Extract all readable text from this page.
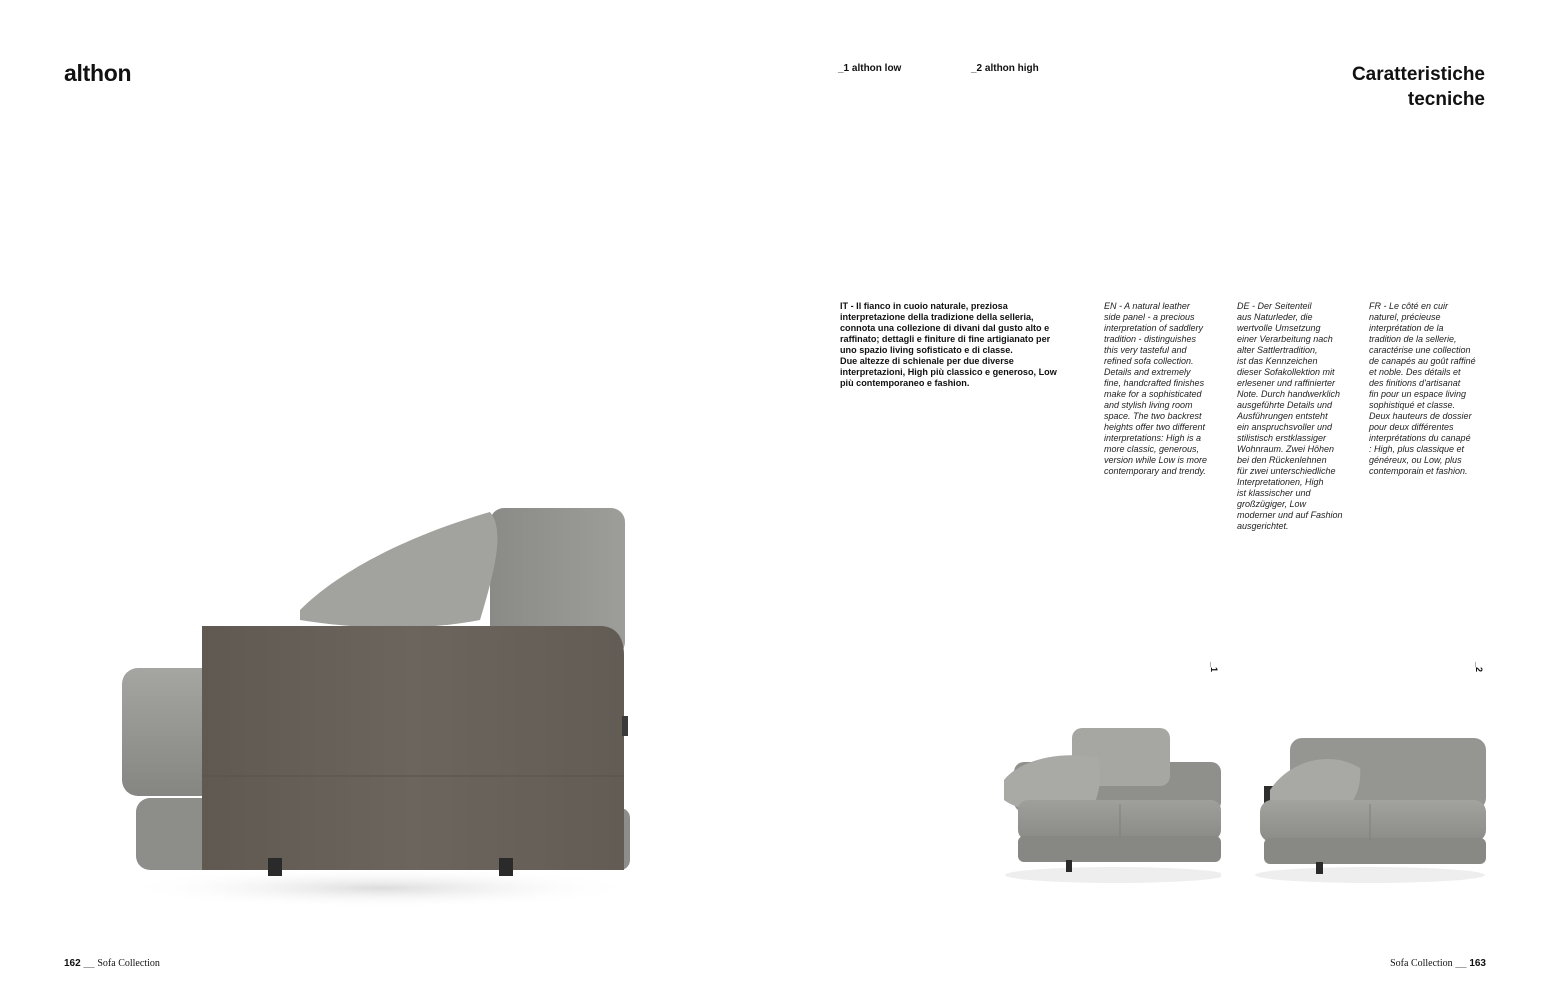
althon
162 __ Sofa Collection
_1 althon low	_2 althon high	Caratteristiche
tecniche
IT - Il fianco in cuoio naturale, preziosa
interpretazione della tradizione della selleria,
connota una collezione di divani dal gusto alto e
raffinato; dettagli e finiture di fine artigianato per
uno spazio living sofisticato e di classe.
Due altezze di schienale per due diverse
interpretazioni, High più classico e generoso, Low
più contemporaneo e fashion.
EN - A natural leather
side panel - a precious
interpretation of saddlery
tradition - distinguishes
this very tasteful and
refined sofa collection.
Details and extremely
fine, handcrafted finishes
make for a sophisticated
and stylish living room
space. The two backrest
heights offer two different
interpretations: High is a
more classic, generous,
version while Low is more
contemporary and trendy.
DE - Der Seitenteil
aus Naturleder, die
wertvolle Umsetzung
einer Verarbeitung nach
alter Sattlertradition,
ist das Kennzeichen
dieser Sofakollektion mit
erlesener und raffinierter
Note. Durch handwerklich
ausgeführte Details und
Ausführungen entsteht
ein anspruchsvoller und
stilistisch erstklassiger
Wohnraum. Zwei Höhen
bei den Rückenlehnen
für zwei unterschiedliche
Interpretationen, High
ist klassischer und
großzügiger, Low
moderner und auf Fashion
ausgerichtet.
FR - Le côté en cuir
naturel, précieuse
interprétation de la
tradition de la sellerie,
caractérise une collection
de canapés au goût raffiné
et noble. Des détails et
des finitions d'artisanat
fin pour un espace living
sophistiqué et classe.
Deux hauteurs de dossier
pour deux différentes
interprétations du canapé
: High, plus classique et
généreux, ou Low, plus
contemporain et fashion.
_1	_2
Sofa Collection __ 163
